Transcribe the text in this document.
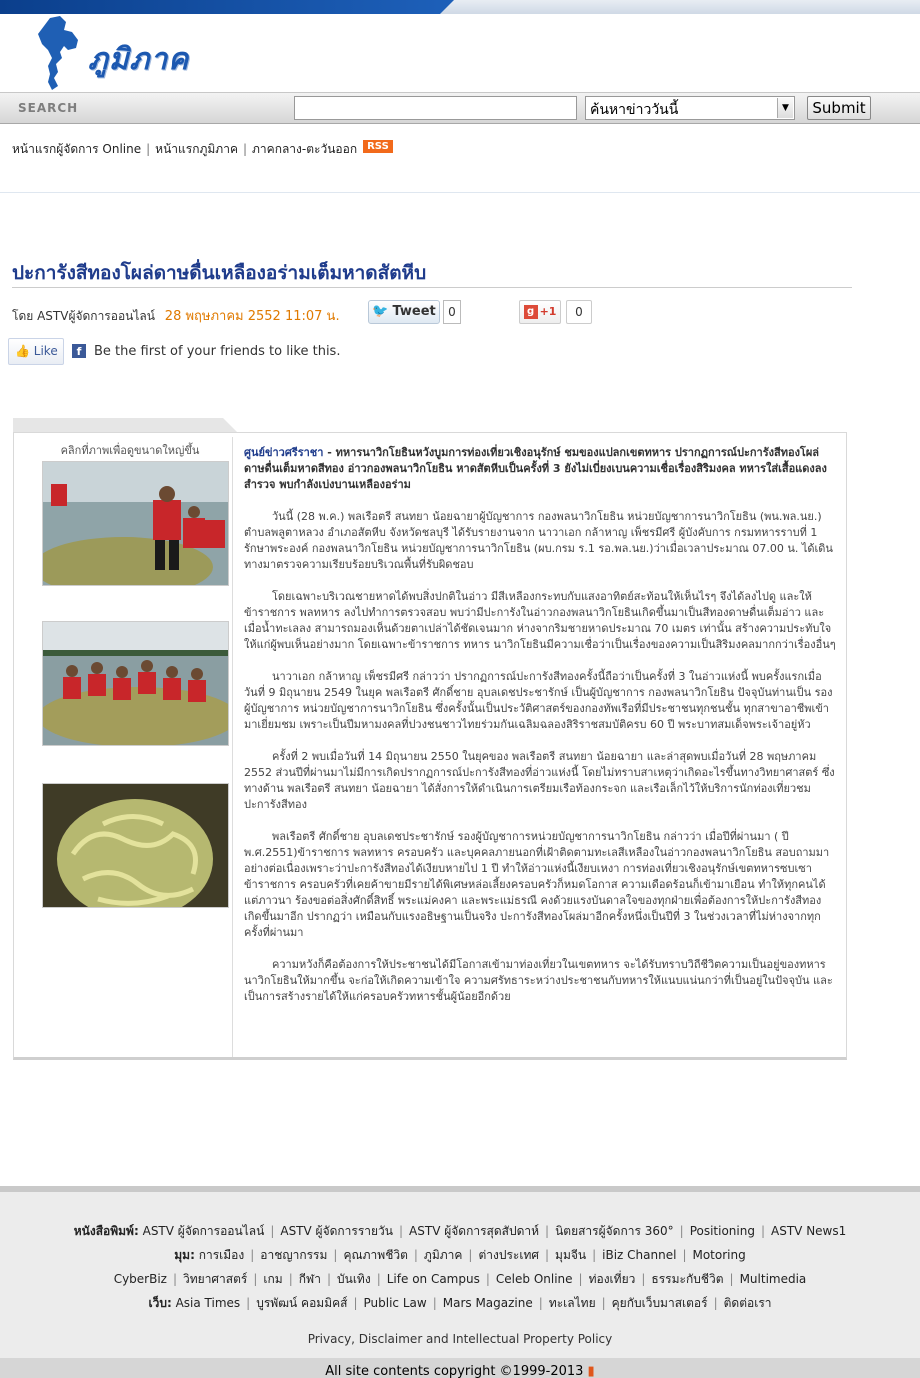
ภูมิภาค
SEARCH	ค้นหาข่าววันนี้	▼	Submit
หน้าแรกผู้จัดการ Online | หน้าแรกภูมิภาค | ภาคกลาง-ตะวันออก RSS
ปะการังสีทองโผล่ดาษดื่นเหลืองอร่ามเต็มหาดสัตหีบ
โดย ASTVผู้จัดการออนไลน์ 28 พฤษภาคม 2552 11:07 น.	🐦 Tweet	0	g +1	0
👍 Like	f Be the first of your friends to like this.
คลิกที่ภาพเพื่อดูขนาดใหญ่ขึ้น	ศูนย์ข่าวศรีราชา - ทหารนาวิกโยธินหวังบูมการท่องเที่ยวเชิงอนุรักษ์ ชมของแปลกเขตทหาร ปรากฏการณ์ปะการังสีทองโผล่ดาษดื่นเต็มหาดสีทอง อ่าวกองพลนาวิกโยธิน หาดสัตหีบเป็นครั้งที่ 3 ยังไม่เบี่ยงเบนความเชื่อเรื่องสิริมงคล ทหารใส่เสื้อแดงลงสำรวจ พบกำลังเบ่งบานเหลืองอร่าม

วันนี้ (28 พ.ค.) พลเรือตรี สนทยา น้อยฉายาผู้บัญชาการ กองพลนาวิกโยธิน หน่วยบัญชาการนาวิกโยธิน (พน.พล.นย.) ตำบลพลูตาหลวง อำเภอสัตหีบ จังหวัดชลบุรี ได้รับรายงานจาก นาวาเอก กล้าหาญ เพ็ชรมีศรี ผู้บังคับการ กรมทหารราบที่ 1 รักษาพระองค์ กองพลนาวิกโยธิน หน่วยบัญชาการนาวิกโยธิน (ผบ.กรม ร.1 รอ.พล.นย.)ว่าเมื่อเวลาประมาณ 07.00 น. ได้เดินทางมาตรวจความเรียบร้อยบริเวณพื้นที่รับผิดชอบ

โดยเฉพาะบริเวณชายหาดได้พบสิ่งปกติในอ่าว มีสีเหลืองกระทบกับแสงอาทิตย์สะท้อนให้เห็นไรๆ จึงได้ลงไปดู และให้ข้าราชการ พลทหาร ลงไปทำการตรวจสอบ พบว่ามีปะการังในอ่าวกองพลนาวิกโยธินเกิดขึ้นมาเป็นสีทองดาษดื่นเต็มอ่าว และเมื่อน้ำทะเลลง สามารถมองเห็นด้วยตาเปล่าได้ชัดเจนมาก ห่างจากริมชายหาดประมาณ 70 เมตร เท่านั้น สร้างความประทับใจให้แก่ผู้พบเห็นอย่างมาก โดยเฉพาะข้าราชการ ทหาร นาวิกโยธินมีความเชื่อว่าเป็นเรื่องของความเป็นสิริมงคลมากกว่าเรื่องอื่นๆ

นาวาเอก กล้าหาญ เพ็ชรมีศรี กล่าวว่า ปรากฏการณ์ปะการังสีทองครั้งนี้ถือว่าเป็นครั้งที่ 3 ในอ่าวแห่งนี้ พบครั้งแรกเมื่อ วันที่ 9 มิถุนายน 2549 ในยุค พลเรือตรี ศักดิ์ชาย อุบลเดชประชารักษ์ เป็นผู้บัญชาการ กองพลนาวิกโยธิน ปัจจุบันท่านเป็น รองผู้บัญชาการ หน่วยบัญชาการนาวิกโยธิน ซึ่งครั้งนั้นเป็นประวัติศาสตร์ของกองทัพเรือที่มีประชาชนทุกชนชั้น ทุกสาขาอาชีพเข้ามาเยี่ยมชม เพราะเป็นปีมหามงคลที่ปวงชนชาวไทยร่วมกันเฉลิมฉลองสิริราชสมบัติครบ 60 ปี พระบาทสมเด็จพระเจ้าอยู่หัว

ครั้งที่ 2 พบเมื่อวันที่ 14 มิถุนายน 2550 ในยุคของ พลเรือตรี สนทยา น้อยฉายา และล่าสุดพบเมื่อวันที่ 28 พฤษภาคม 2552 ส่วนปีที่ผ่านมาไม่มีการเกิดปรากฏการณ์ปะการังสีทองที่อ่าวแห่งนี้ โดยไม่ทราบสาเหตุว่าเกิดอะไรขึ้นทางวิทยาศาสตร์ ซึ่งทางด้าน พลเรือตรี สนทยา น้อยฉายา ได้สั่งการให้ดำเนินการเตรียมเรือท้องกระจก และเรือเล็กไว้ให้บริการนักท่องเที่ยวชมปะการังสีทอง

พลเรือตรี ศักดิ์ชาย อุบลเดชประชารักษ์ รองผู้บัญชาการหน่วยบัญชาการนาวิกโยธิน กล่าวว่า เมื่อปีที่ผ่านมา ( ปี พ.ศ.2551)ข้าราชการ พลทหาร ครอบครัว และบุคคลภายนอกที่เฝ้าติดตามทะเลสีเหลืองในอ่าวกองพลนาวิกโยธิน สอบถามมาอย่างต่อเนื่องเพราะว่าปะการังสีทองได้เงียบหายไป 1 ปี ทำให้อ่าวแห่งนี้เงียบเหงา การท่องเที่ยวเชิงอนุรักษ์เขตทหารซบเซา ข้าราชการ ครอบครัวที่เคยค้าขายมีรายได้พิเศษหล่อเลี้ยงครอบครัวก็หมดโอกาส ความเดือดร้อนก็เข้ามาเยือน ทำให้ทุกคนได้แต่ภาวนา ร้องขอต่อสิ่งศักดิ์สิทธิ์ พระแม่คงคา และพระแม่ธรณี คงด้วยแรงบันดาลใจของทุกฝ่ายเพื่อต้องการให้ปะการังสีทองเกิดขึ้นมาอีก ปรากฏว่า เหมือนกับแรงอธิษฐานเป็นจริง ปะการังสีทองโผล่มาอีกครั้งหนึ่งเป็นปีที่ 3 ในช่วงเวลาที่ไม่ห่างจากทุกครั้งที่ผ่านมา

ความหวังก็คือต้องการให้ประชาชนได้มีโอกาสเข้ามาท่องเที่ยวในเขตทหาร จะได้รับทราบวิถีชีวิตความเป็นอยู่ของทหารนาวิกโยธินให้มากขึ้น จะก่อให้เกิดความเข้าใจ ความศรัทธาระหว่างประชาชนกับทหารให้แนบแน่นกว่าที่เป็นอยู่ในปัจจุบัน และเป็นการสร้างรายได้ให้แก่ครอบครัวทหารชั้นผู้น้อยอีกด้วย

หนังสือพิมพ์: ASTV ผู้จัดการออนไลน์ | ASTV ผู้จัดการรายวัน | ASTV ผู้จัดการสุดสัปดาห์ | นิตยสารผู้จัดการ 360° | Positioning | ASTV News1
มุม: การเมือง | อาชญากรรม | คุณภาพชีวิต | ภูมิภาค | ต่างประเทศ | มุมจีน | iBiz Channel | Motoring
CyberBiz | วิทยาศาสตร์ | เกม | กีฬา | บันเทิง | Life on Campus | Celeb Online | ท่องเที่ยว | ธรรมะกับชีวิต | Multimedia
เว็บ: Asia Times | บูรพัฒน์ คอมมิคส์ | Public Law | Mars Magazine | ทะเลไทย | คุยกับเว็บมาสเตอร์ | ติดต่อเรา
Privacy, Disclaimer and Intellectual Property Policy
All site contents copyright ©1999-2013 ▮
